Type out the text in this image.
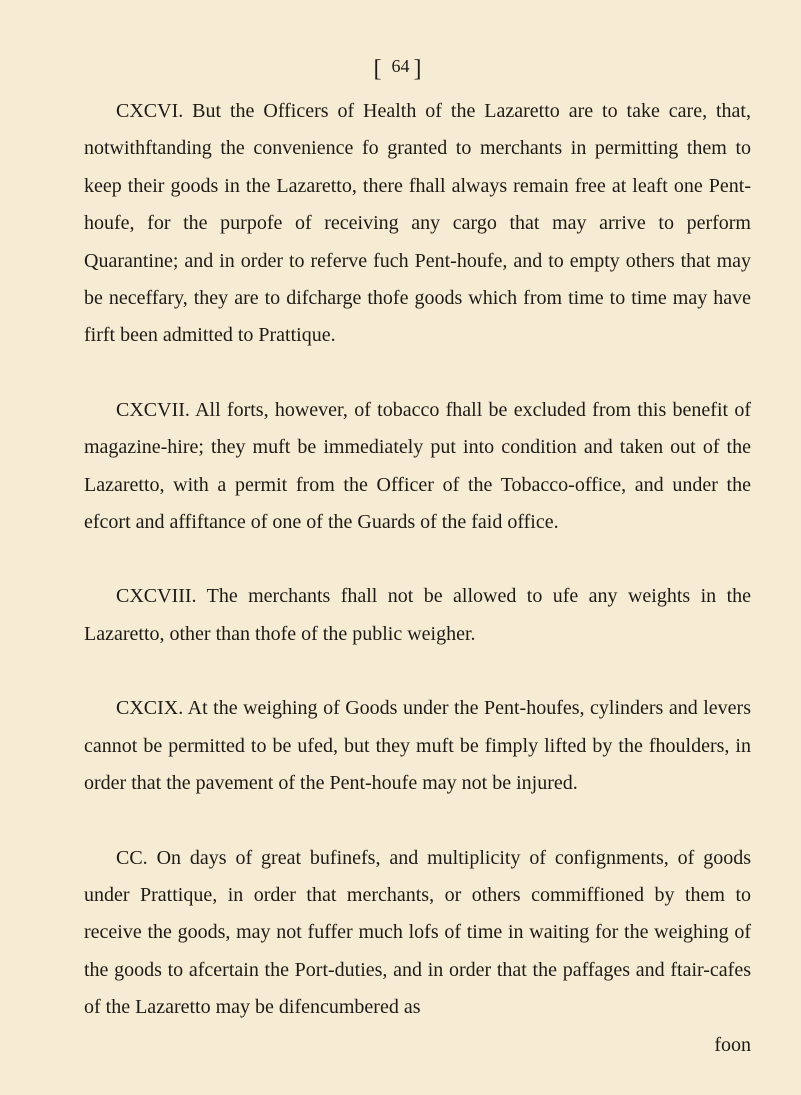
[ 64 ]

CXCVI. But the Officers of Health of the Lazaretto are to take care, that, notwithftanding the convenience fo granted to merchants in permitting them to keep their goods in the Lazaretto, there fhall always remain free at leaft one Pent-houfe, for the purpofe of receiving any cargo that may arrive to perform Quarantine; and in order to referve fuch Pent-houfe, and to empty others that may be neceffary, they are to difcharge thofe goods which from time to time may have firft been admitted to Prattique.

CXCVII. All forts, however, of tobacco fhall be excluded from this benefit of magazine-hire; they muft be immediately put into condition and taken out of the Lazaretto, with a permit from the Officer of the Tobacco-office, and under the efcort and affiftance of one of the Guards of the faid office.

CXCVIII. The merchants fhall not be allowed to ufe any weights in the Lazaretto, other than thofe of the public weigher.

CXCIX. At the weighing of Goods under the Pent-houfes, cylinders and levers cannot be permitted to be ufed, but they muft be fimply lifted by the fhoulders, in order that the pavement of the Pent-houfe may not be injured.

CC. On days of great bufinefs, and multiplicity of confignments, of goods under Prattique, in order that merchants, or others commiffioned by them to receive the goods, may not fuffer much lofs of time in waiting for the weighing of the goods to afcertain the Port-duties, and in order that the paffages and ftair-cafes of the Lazaretto may be difencumbered as

foon
